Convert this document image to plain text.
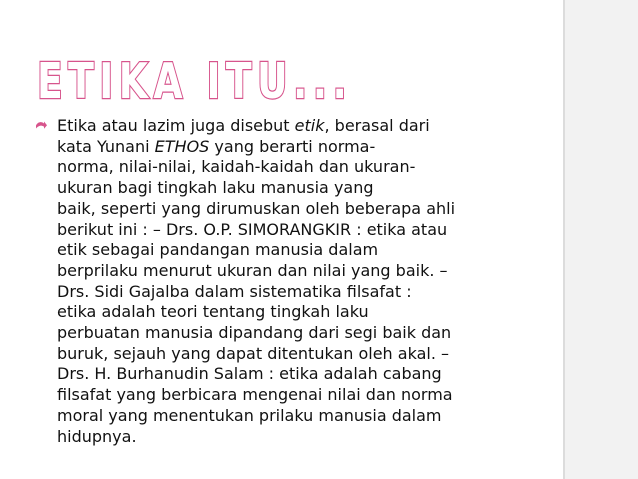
ETIKA ITU...
Etika atau lazim juga disebut etik, berasal dari
kata Yunani ETHOS yang berarti norma-
norma, nilai-nilai, kaidah-kaidah dan ukuran-
ukuran bagi tingkah laku manusia yang
baik, seperti yang dirumuskan oleh beberapa ahli
berikut ini : – Drs. O.P. SIMORANGKIR : etika atau
etik sebagai pandangan manusia dalam
berprilaku menurut ukuran dan nilai yang baik. –
Drs. Sidi Gajalba dalam sistematika filsafat :
etika adalah teori tentang tingkah laku
perbuatan manusia dipandang dari segi baik dan
buruk, sejauh yang dapat ditentukan oleh akal. –
Drs. H. Burhanudin Salam : etika adalah cabang
filsafat yang berbicara mengenai nilai dan norma
moral yang menentukan prilaku manusia dalam
hidupnya.
